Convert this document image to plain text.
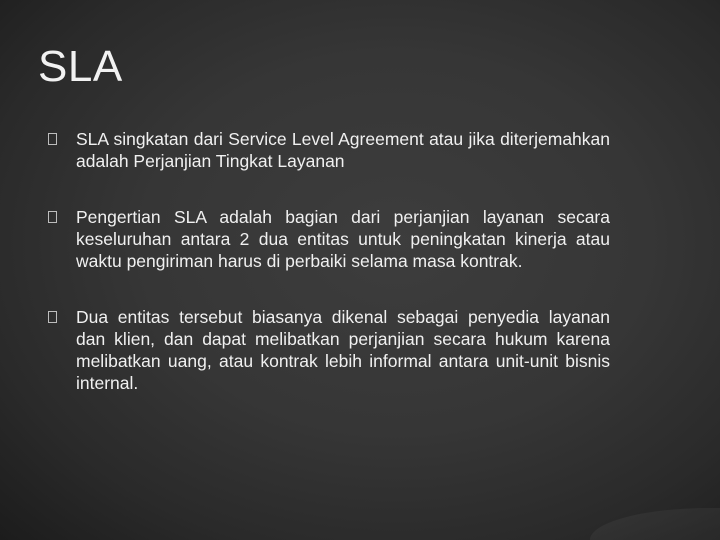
SLA
SLA singkatan dari Service Level Agreement atau jika diterjemahkan adalah Perjanjian Tingkat Layanan
Pengertian SLA adalah bagian dari perjanjian layanan secara keseluruhan antara 2 dua entitas untuk peningkatan kinerja atau waktu pengiriman harus di perbaiki selama masa kontrak.
Dua entitas tersebut biasanya dikenal sebagai penyedia layanan dan klien, dan dapat melibatkan perjanjian secara hukum karena melibatkan uang, atau kontrak lebih informal antara unit-unit bisnis internal.
